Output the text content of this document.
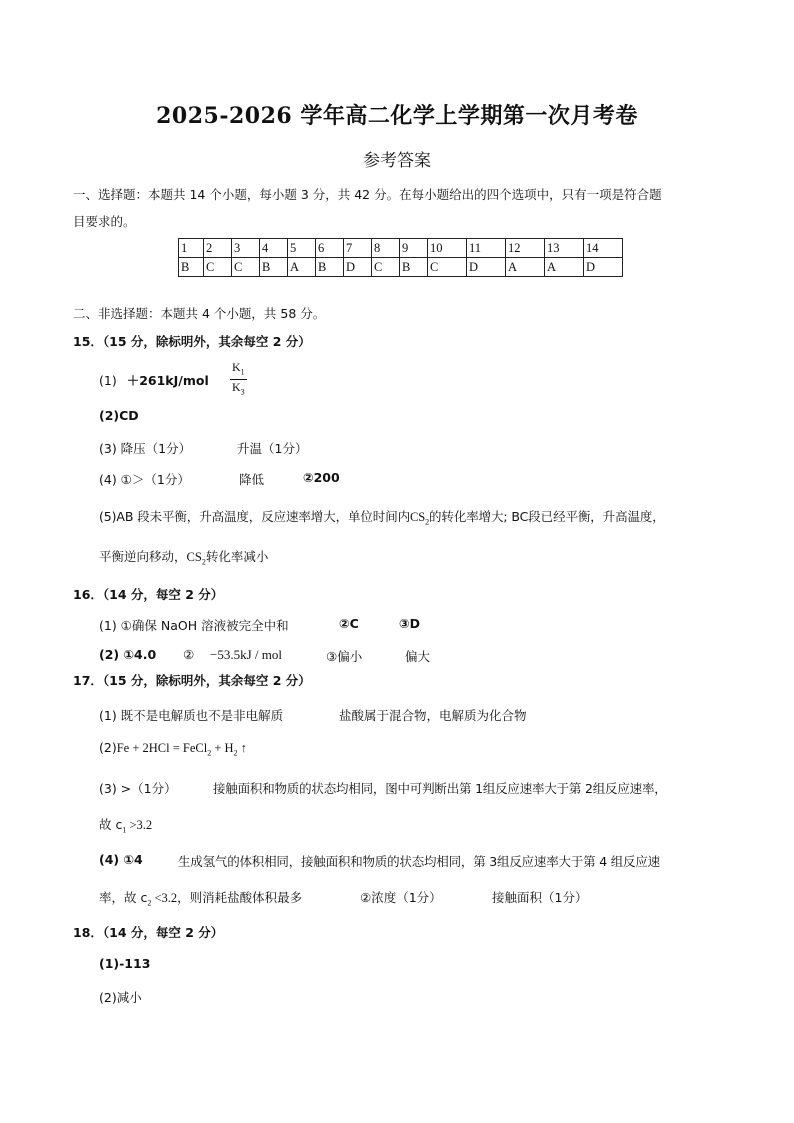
2025-2026 学年高二化学上学期第一次月考卷
参考答案
一、选择题：本题共 14 个小题，每小题 3 分，共 42 分。在每小题给出的四个选项中，只有一项是符合题
目要求的。
1	2	3	4	5	6	7	8	9	10	11	12	13	14
B	C	C	B	A	B	D	C	B	C	D	A	A	D
二、非选择题：本题共 4 个小题，共 58 分。
15．（15 分，除标明外，其余每空 2 分）
$(1) +261kJ/mol \frac{K_1}{K_3}$
(2)CD
(3) 降压（1分）	升温（1分）
(4) ①＞（1分）	降低	②200
(5)AB 段未平衡，升高温度，反应速率增大，单位时间内$CS_2$的转化率增大; BC段已经平衡，升高温度，
平衡逆向移动，$CS_2$转化率减小
16．（14 分，每空 2 分）
(1) ①确保 NaOH 溶液被完全中和	②C	③D
(2) ①4.0 ② −53.5kJ / mol	③偏小	偏大
17．（15 分，除标明外，其余每空 2 分）
(1) 既不是电解质也不是非电解质	盐酸属于混合物，电解质为化合物
(2)Fe + 2HCl = FeCl$_2$ + $H_2$ ↑
(3) >（1分）	接触面积和物质的状态均相同，图中可判断出第 1组反应速率大于第 2组反应速率，
故 $c_1 >3.2$
(4) ①4	生成氢气的体积相同，接触面积和物质的状态均相同，第 3组反应速率大于第 4 组反应速
率，故 $c_2 <3.2$，则消耗盐酸体积最多	②浓度（1分）	接触面积（1分）
18．（14 分，每空 2 分）
(1)-113
(2)减小
